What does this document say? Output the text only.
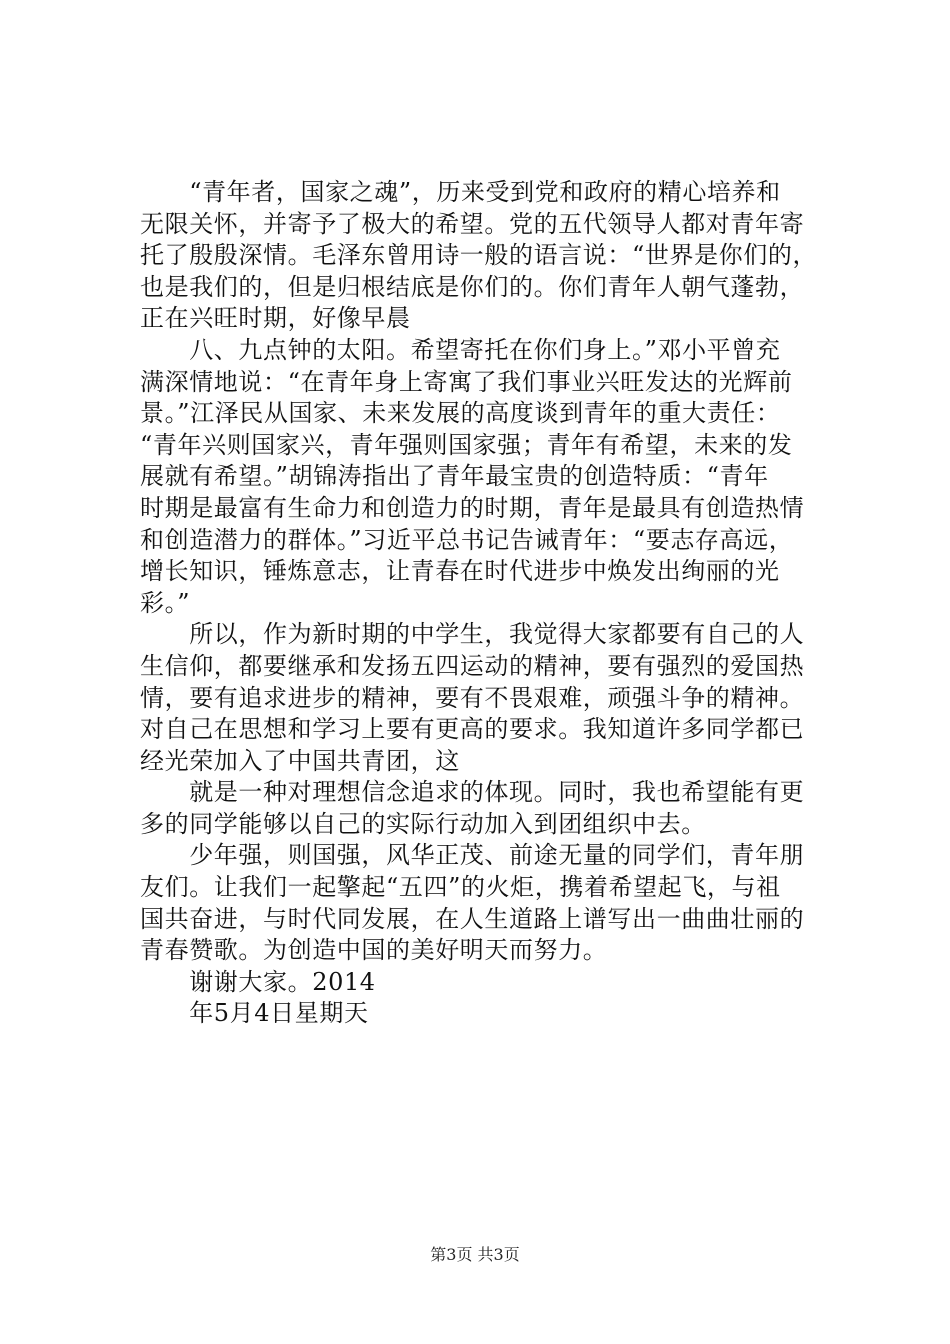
　　“青年者，国家之魂”，历来受到党和政府的精心培养和
无限关怀，并寄予了极大的希望。党的五代领导人都对青年寄
托了殷殷深情。毛泽东曾用诗一般的语言说：“世界是你们的，
也是我们的，但是归根结底是你们的。你们青年人朝气蓬勃，
正在兴旺时期，好像早晨
　　八、九点钟的太阳。希望寄托在你们身上。”邓小平曾充
满深情地说：“在青年身上寄寓了我们事业兴旺发达的光辉前
景。”江泽民从国家、未来发展的高度谈到青年的重大责任：
“青年兴则国家兴，青年强则国家强；青年有希望，未来的发
展就有希望。”胡锦涛指出了青年最宝贵的创造特质：“青年
时期是最富有生命力和创造力的时期，青年是最具有创造热情
和创造潜力的群体。”习近平总书记告诫青年：“要志存高远，
增长知识，锤炼意志，让青春在时代进步中焕发出绚丽的光
彩。”
　　所以，作为新时期的中学生，我觉得大家都要有自己的人
生信仰，都要继承和发扬五四运动的精神，要有强烈的爱国热
情，要有追求进步的精神，要有不畏艰难，顽强斗争的精神。
对自己在思想和学习上要有更高的要求。我知道许多同学都已
经光荣加入了中国共青团，这
　　就是一种对理想信念追求的体现。同时，我也希望能有更
多的同学能够以自己的实际行动加入到团组织中去。
　　少年强，则国强，风华正茂、前途无量的同学们，青年朋
友们。让我们一起擎起“五四”的火炬，携着希望起飞，与祖
国共奋进，与时代同发展，在人生道路上谱写出一曲曲壮丽的
青春赞歌。为创造中国的美好明天而努力。
　　谢谢大家。2014
　　年5月4日星期天
第3页 共3页
